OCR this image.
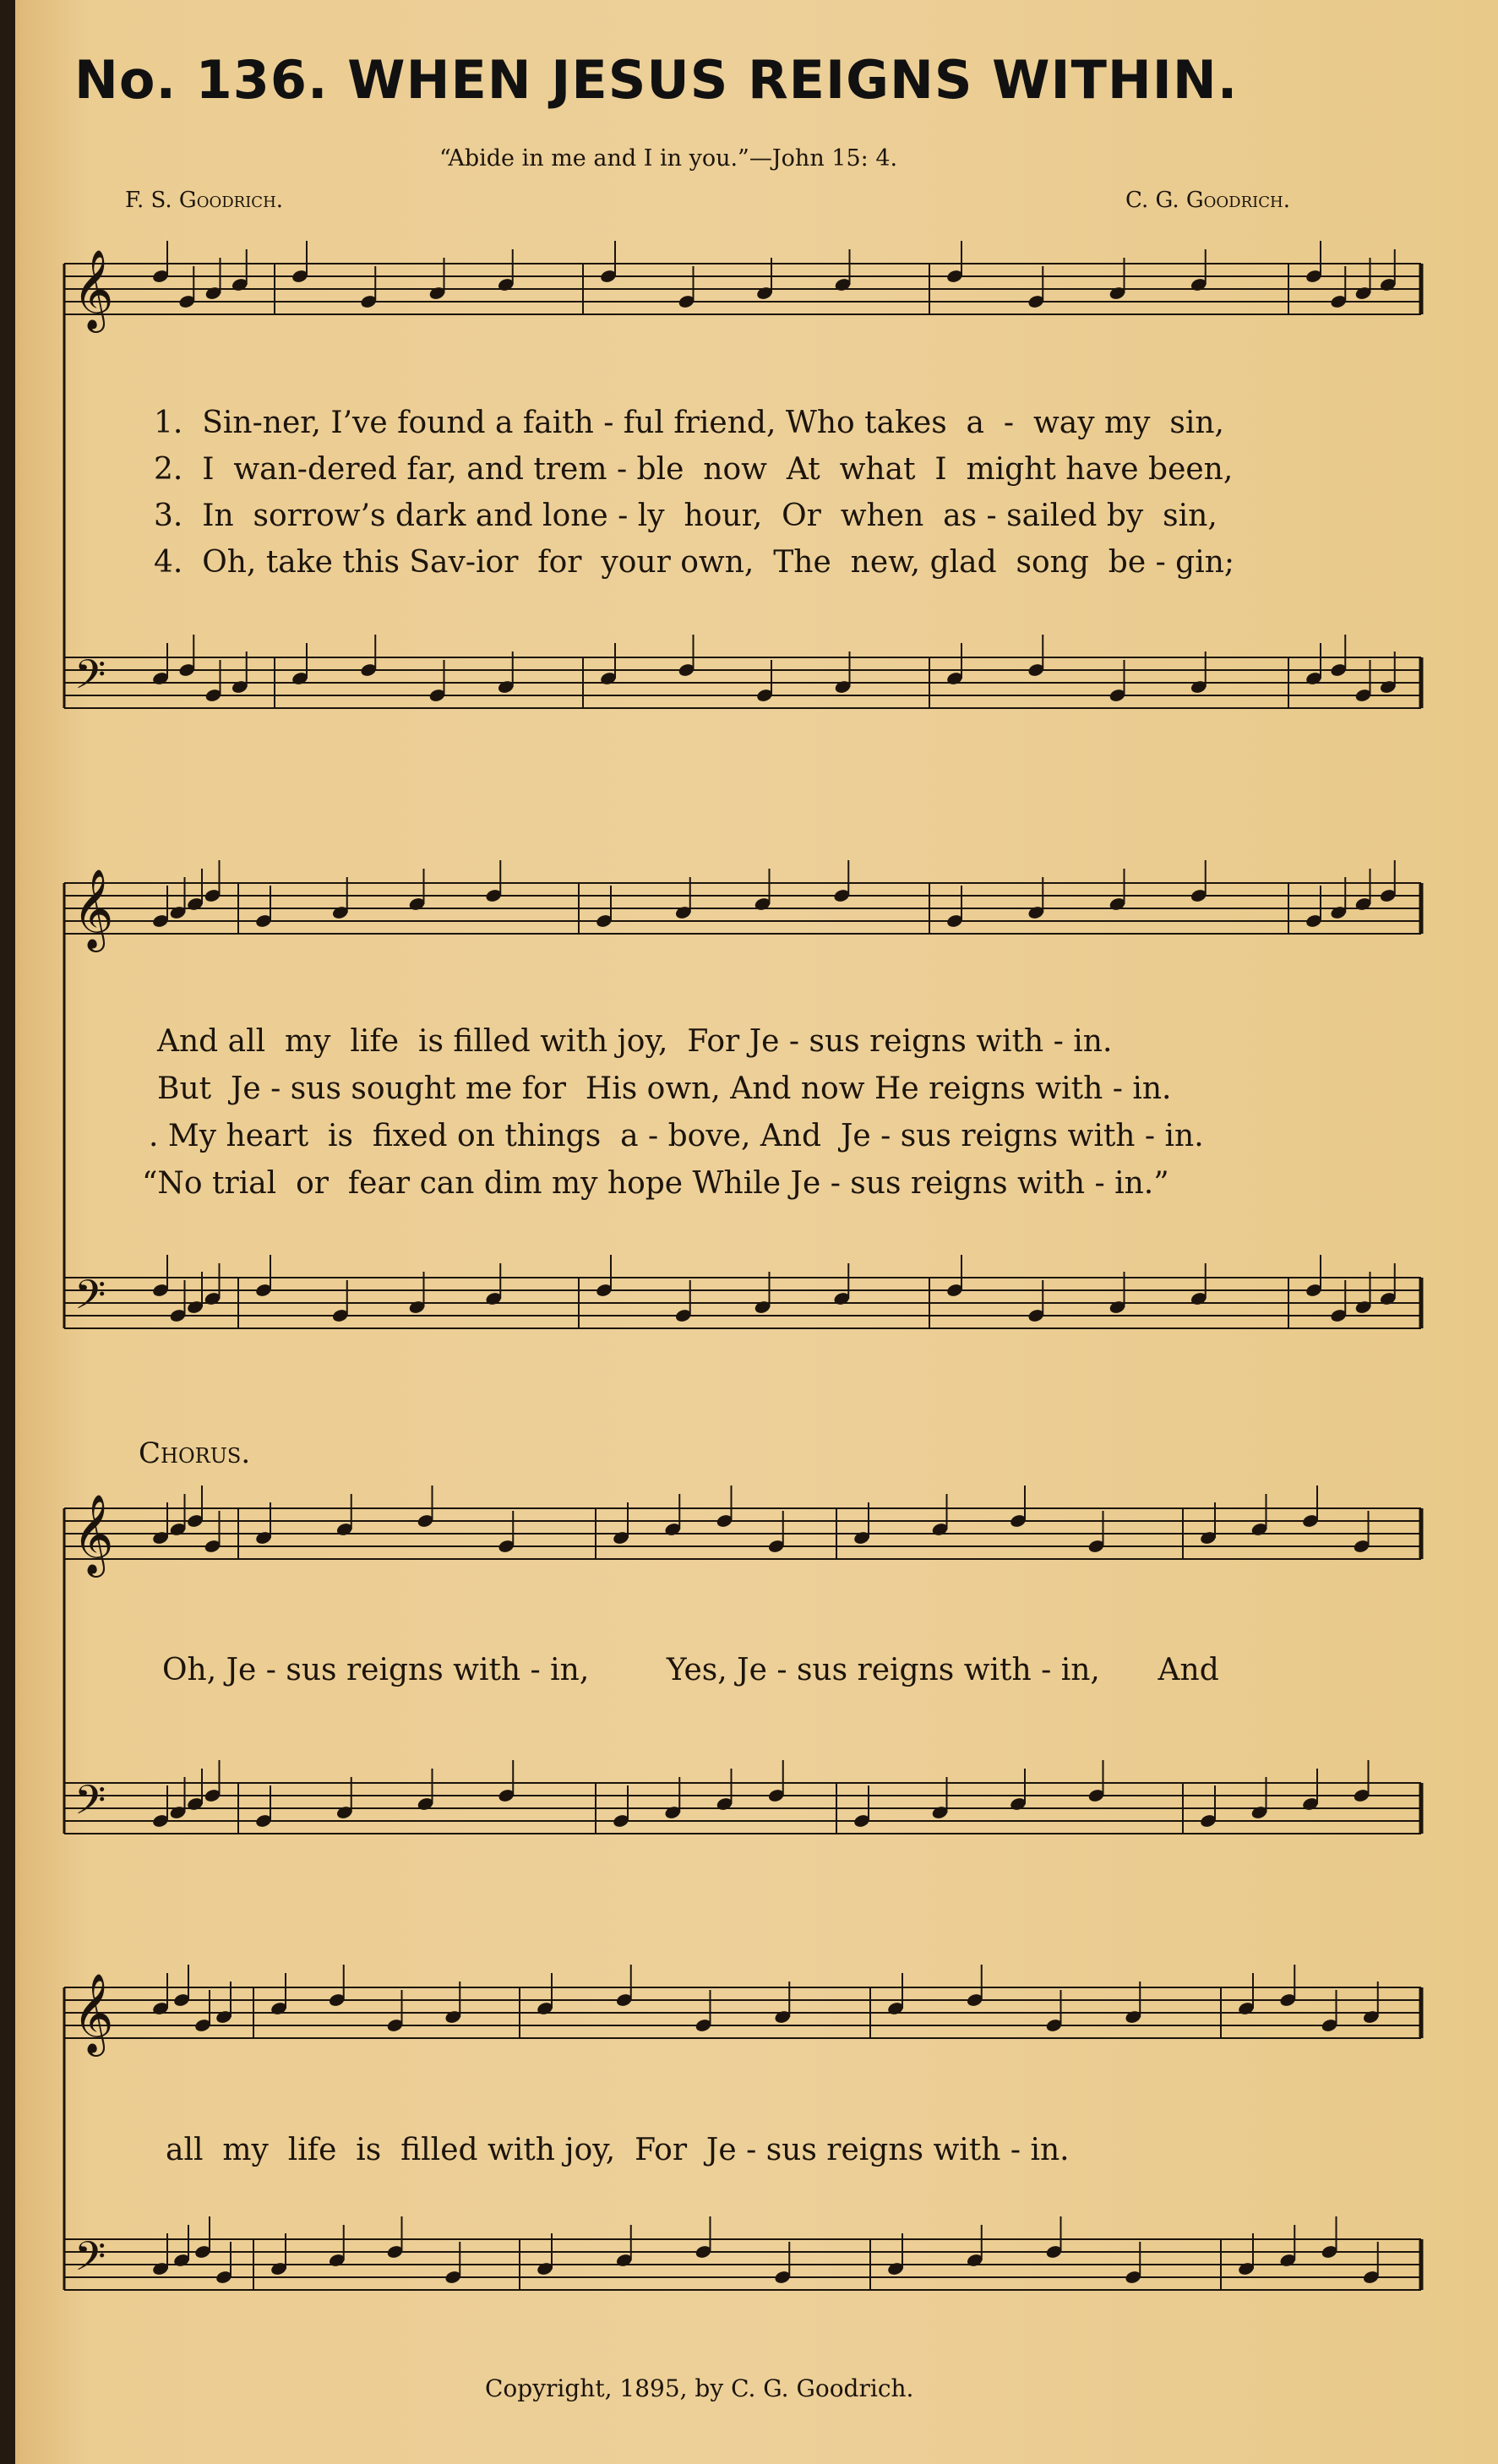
No. 136. WHEN JESUS REIGNS WITHIN.
“Abide in me and I in you.”—John 15: 4.
F. S. Goodrich.	C. G. Goodrich.
𝄞
𝄢
𝄞
𝄢
𝄞
𝄢
𝄞
𝄢
1.  Sin-ner, I’ve found a faith - ful friend, Who takes  a  -  way my  sin,
2.  I  wan-dered far, and trem - ble  now  At  what  I  might have been,
3.  In  sorrow’s dark and lone - ly  hour,  Or  when  as - sailed by  sin,
4.  Oh, take this Sav-ior  for  your own,  The  new, glad  song  be - gin;
And all  my  life  is filled with joy,  For Je - sus reigns with - in.
But  Je - sus sought me for  His own, And now He reigns with - in.
. My heart  is  fixed on things  a - bove, And  Je - sus reigns with - in.
“No trial  or  fear can dim my hope While Je - sus reigns with - in.”
Chorus.
Oh, Je - sus reigns with - in,        Yes, Je - sus reigns with - in,      And
all  my  life  is  filled with joy,  For  Je - sus reigns with - in.
Copyright, 1895, by C. G. Goodrich.
